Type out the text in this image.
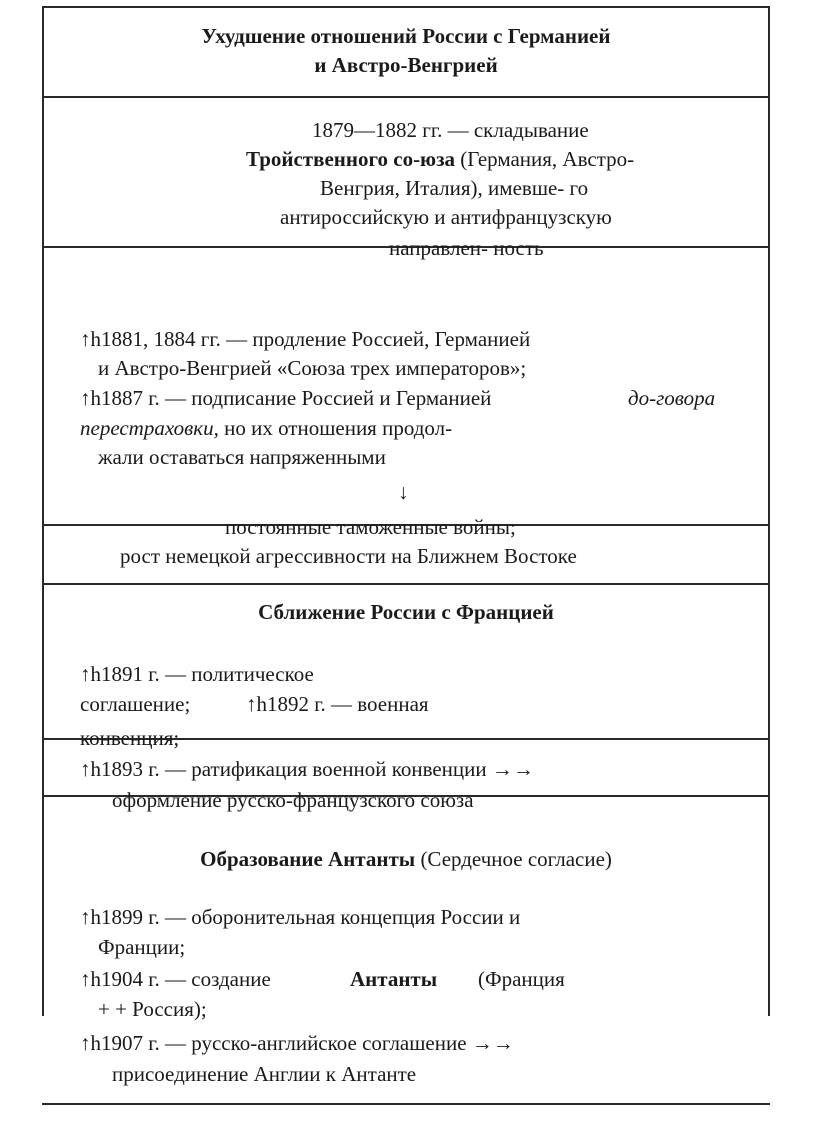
Ухудшение отношений России с Германией
и Австро-Венгрией
1879—1882 гг. — складывание
Тройственного со-юза (Германия, Австро-
Венгрия, Италия), имевше- го
антироссийскую и антифранцузскую
направлен- ность
↑h1881, 1884 гг. — продление Россией, Германией
и Австро-Венгрией «Союза трех императоров»;
↑h1887 г. — подписание Россией и Германией	до-говора
перестраховки, но их отношения продол-
жали оставаться напряженными
↓
постоянные таможенные войны;
рост немецкой агрессивности на Ближнем Востоке
Сближение России с Францией
↑h1891 г. — политическое
соглашение;	↑h1892 г. — военная
конвенция;
↑h1893 г. — ратификация военной конвенции →→
оформление русско-французского союза
Образование Антанты (Сердечное согласие)
↑h1899 г. — оборонительная концепция России и
Франции;
↑h1904 г. — создание	Антанты (Франция
+ + Россия);
↑h1907 г. — русско-английское соглашение →→
присоединение Англии к Антанте
